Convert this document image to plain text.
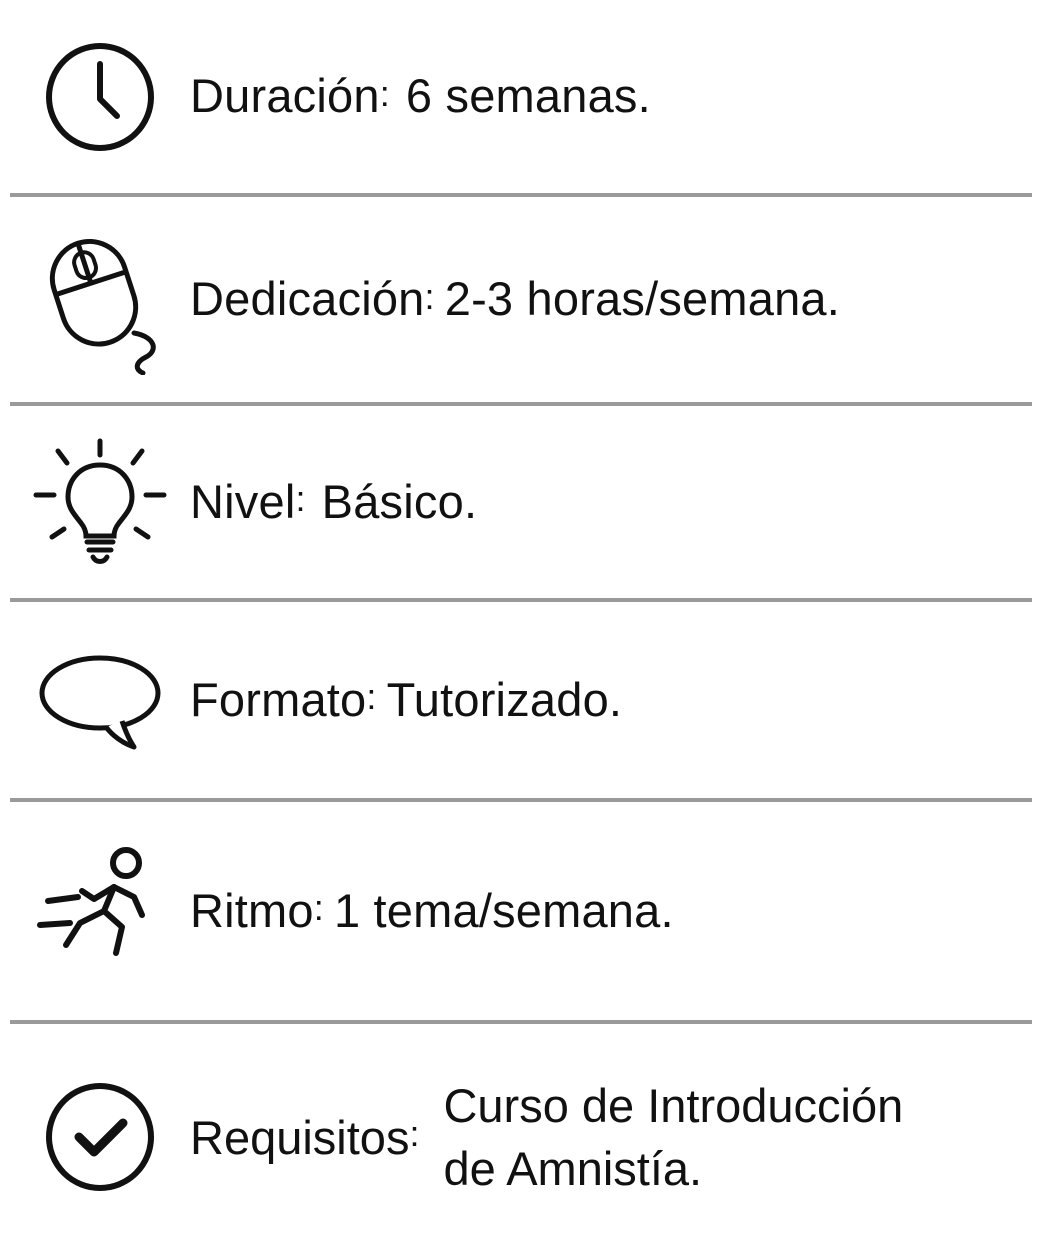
Duración : 6 semanas.
Dedicación : 2-3 horas/semana.
Nivel : Básico.
Formato : Tutorizado.
Ritmo : 1 tema/semana.
Requisitos :
Curso de Introducción de Amnistía.
